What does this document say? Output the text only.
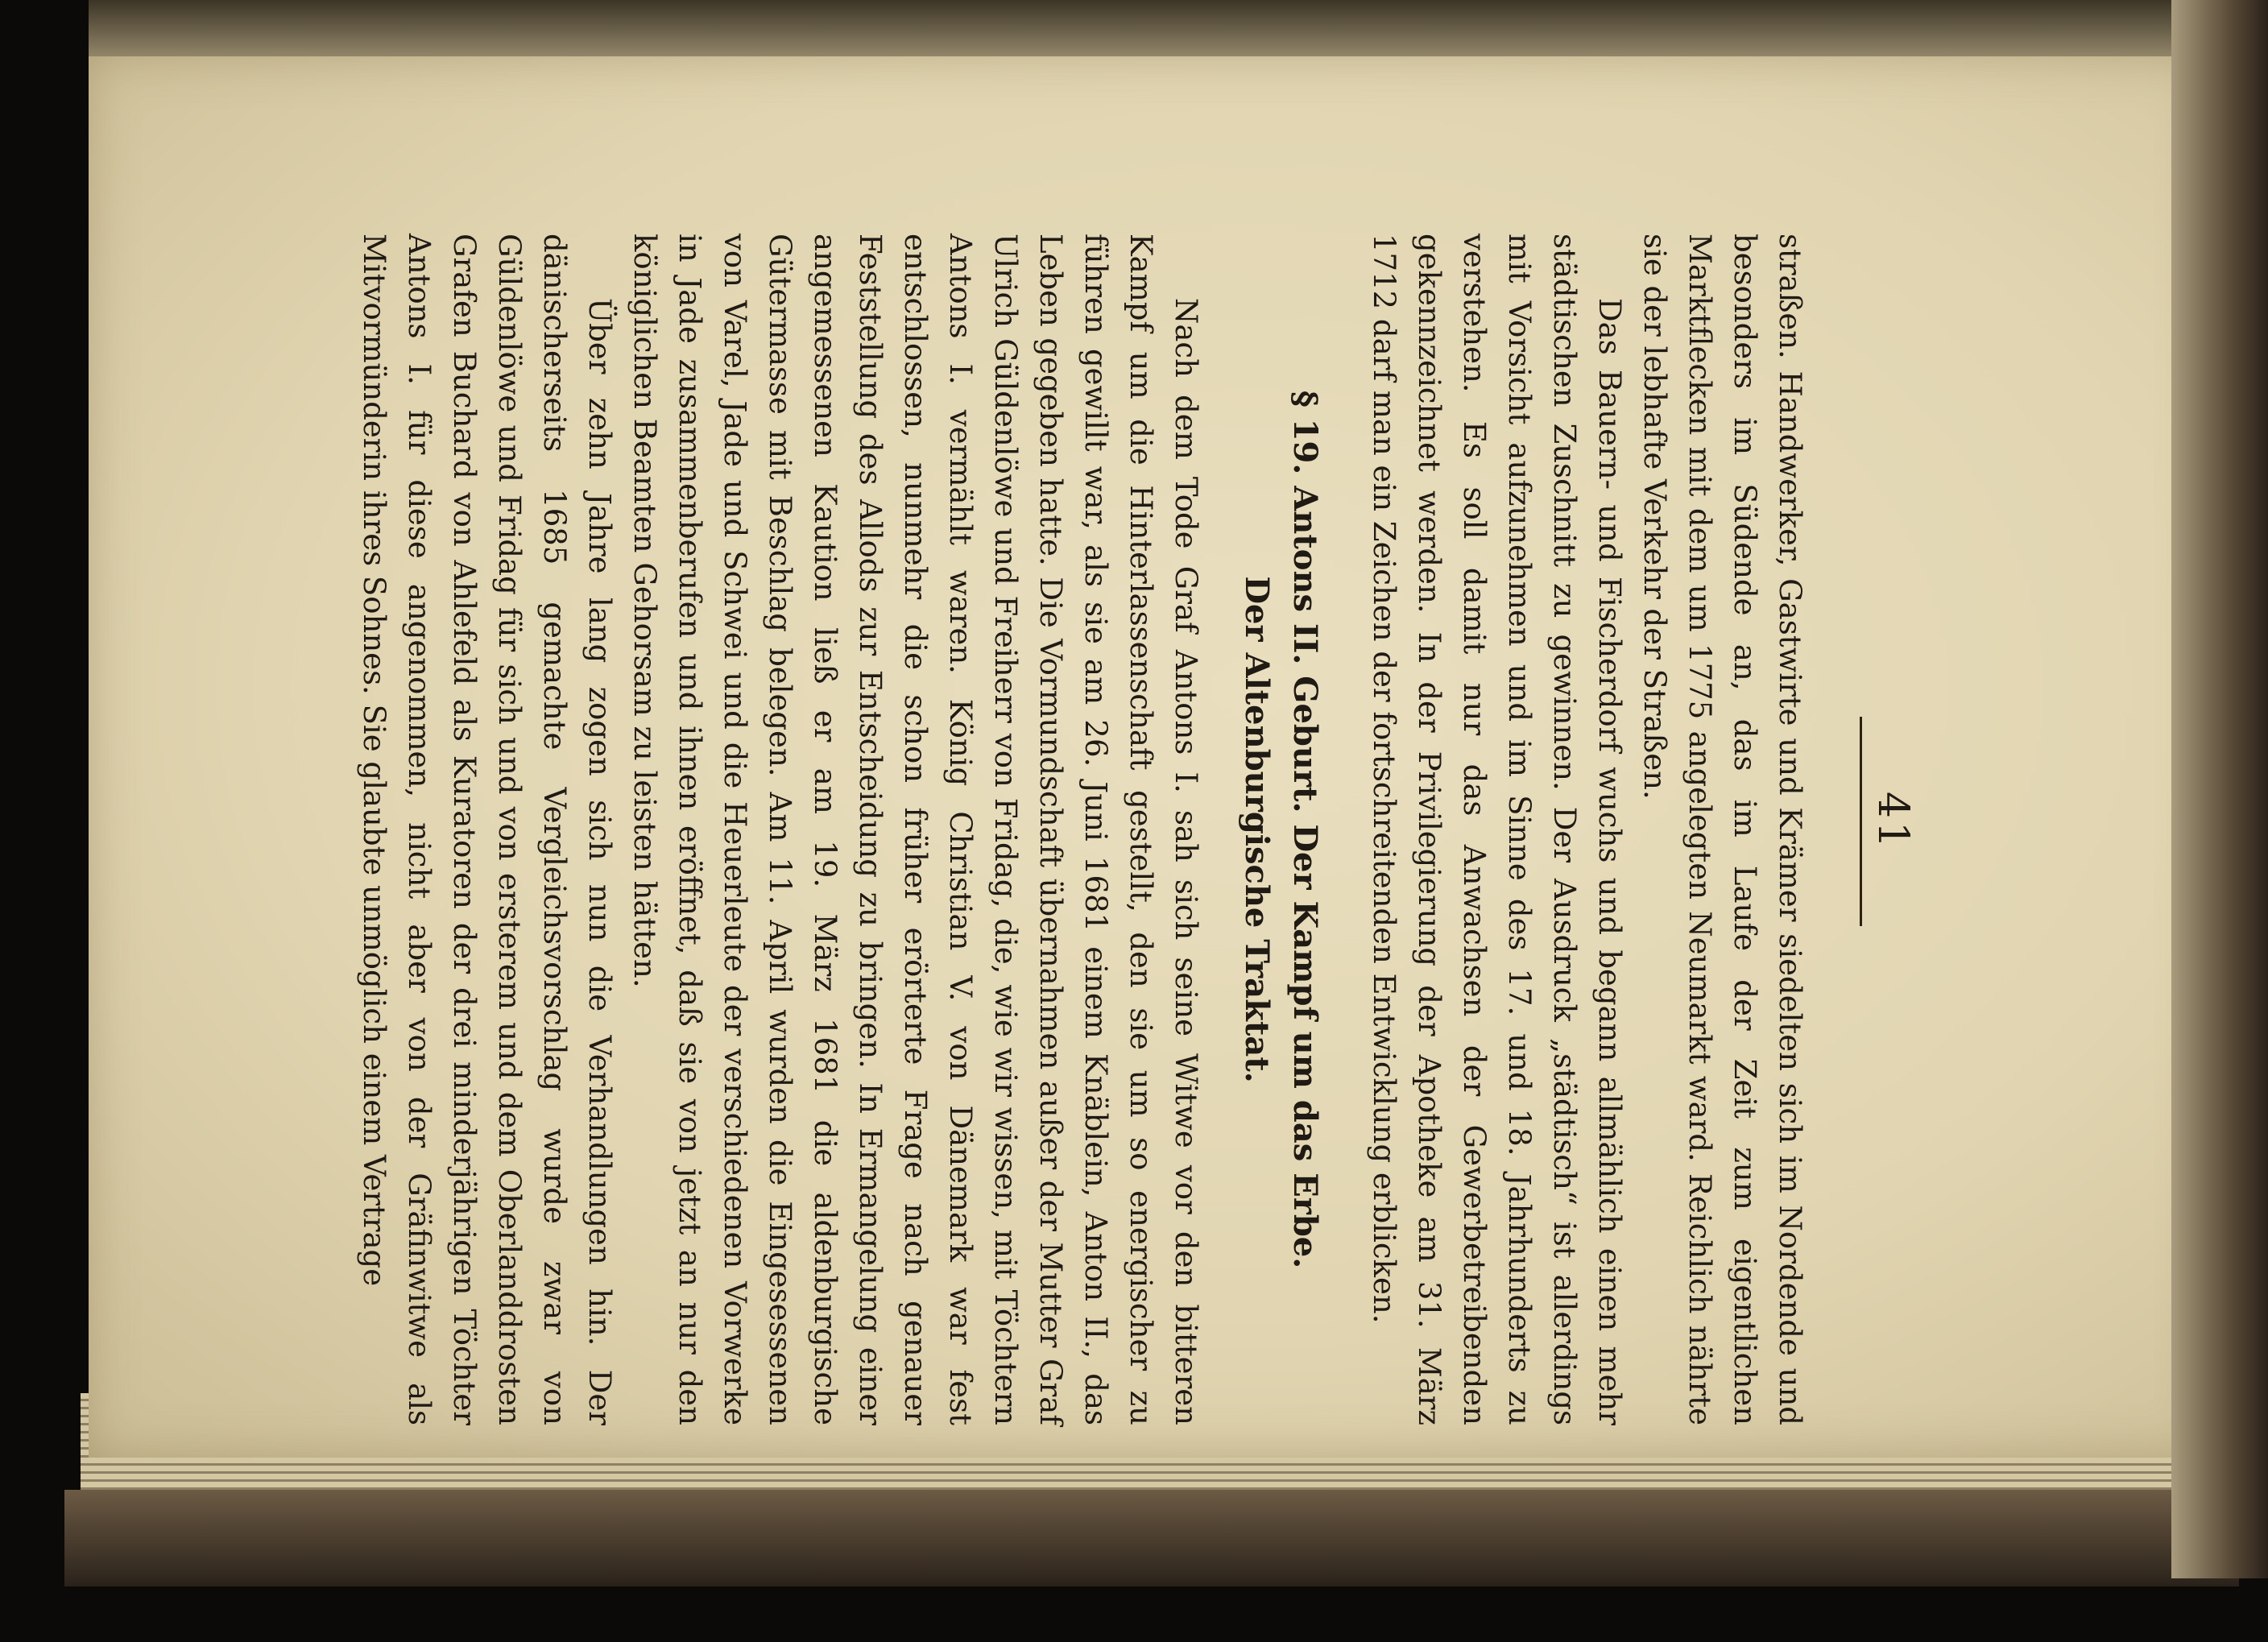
41

straßen. Handwerker, Gastwirte und Krämer siedelten sich im Nordende und besonders im Südende an, das im Laufe der Zeit zum eigentlichen Marktflecken mit dem um 1775 angelegten Neumarkt ward. Reichlich nährte sie der lebhafte Verkehr der Straßen.

Das Bauern- und Fischerdorf wuchs und begann allmählich einen mehr städtischen Zuschnitt zu gewinnen. Der Ausdruck „städtisch“ ist allerdings mit Vorsicht aufzunehmen und im Sinne des 17. und 18. Jahrhunderts zu verstehen. Es soll damit nur das Anwachsen der Gewerbetreibenden gekennzeichnet werden. In der Privilegierung der Apotheke am 31. März 1712 darf man ein Zeichen der fortschreitenden Entwicklung erblicken.

§ 19. Antons II. Geburt. Der Kampf um das Erbe.
Der Altenburgische Traktat.

Nach dem Tode Graf Antons I. sah sich seine Witwe vor den bitteren Kampf um die Hinterlassenschaft gestellt, den sie um so energischer zu führen gewillt war, als sie am 26. Juni 1681 einem Knäblein, Anton II., das Leben gegeben hatte. Die Vormundschaft übernahmen außer der Mutter Graf Ulrich Güldenlöwe und Freiherr von Fridag, die, wie wir wissen, mit Töchtern Antons I. vermählt waren. König Christian V. von Dänemark war fest entschlossen, nunmehr die schon früher erörterte Frage nach genauer Feststellung des Allods zur Entscheidung zu bringen. In Ermangelung einer angemessenen Kaution ließ er am 19. März 1681 die aldenburgische Gütermasse mit Beschlag belegen. Am 11. April wurden die Eingesessenen von Varel, Jade und Schwei und die Heuerleute der verschiedenen Vorwerke in Jade zusammenberufen und ihnen eröffnet, daß sie von jetzt an nur den königlichen Beamten Gehorsam zu leisten hätten.

Über zehn Jahre lang zogen sich nun die Verhandlungen hin. Der dänischerseits 1685 gemachte Vergleichsvorschlag wurde zwar von Güldenlöwe und Fridag für sich und von ersterem und dem Oberlanddrosten Grafen Buchard von Ahlefeld als Kuratoren der drei minderjährigen Töchter Antons I. für diese angenommen, nicht aber von der Gräfinwitwe als Mitvormünderin ihres Sohnes. Sie glaubte unmöglich einem Vertrage
